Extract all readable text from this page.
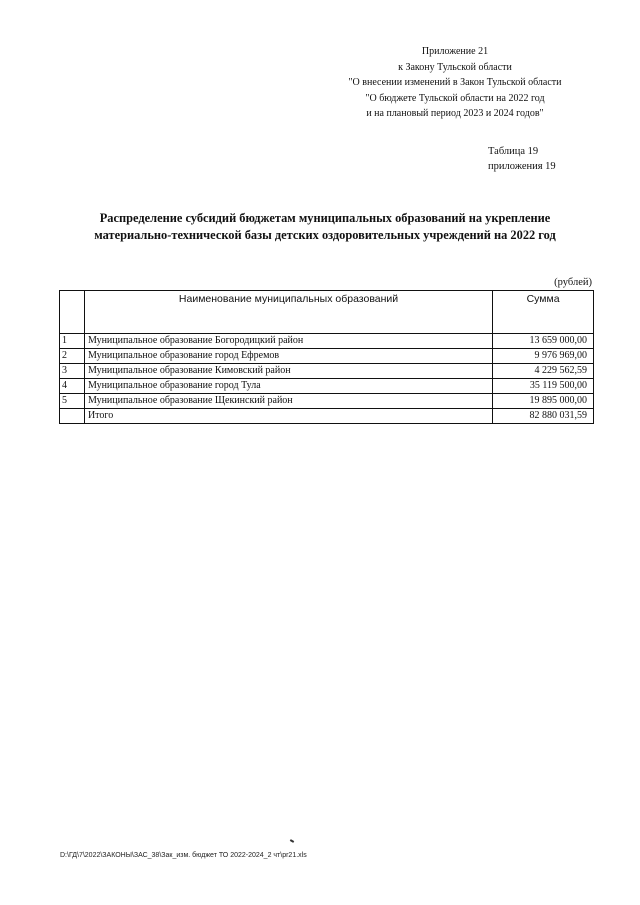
Приложение 21
к Закону Тульской области
"О внесении изменений в Закон Тульской области
"О бюджете Тульской области на 2022 год
и на плановый период 2023 и 2024 годов"
Таблица 19
приложения 19
Распределение субсидий бюджетам муниципальных образований на укрепление
материально-технической базы детских оздоровительных учреждений на 2022 год
(рублей)
	Наименование муниципальных образований	Сумма
1	Муниципальное образование Богородицкий район	13 659 000,00
2	Муниципальное образование город Ефремов	9 976 969,00
3	Муниципальное образование Кимовский район	4 229 562,59
4	Муниципальное образование город Тула	35 119 500,00
5	Муниципальное образование Щекинский район	19 895 000,00
	Итого	82 880 031,59
D:\ГД\7\2022\ЗАКОНЫ\ЗАС_38\Зак_изм. бюджет ТО 2022-2024_2 чт\pr21.xls
